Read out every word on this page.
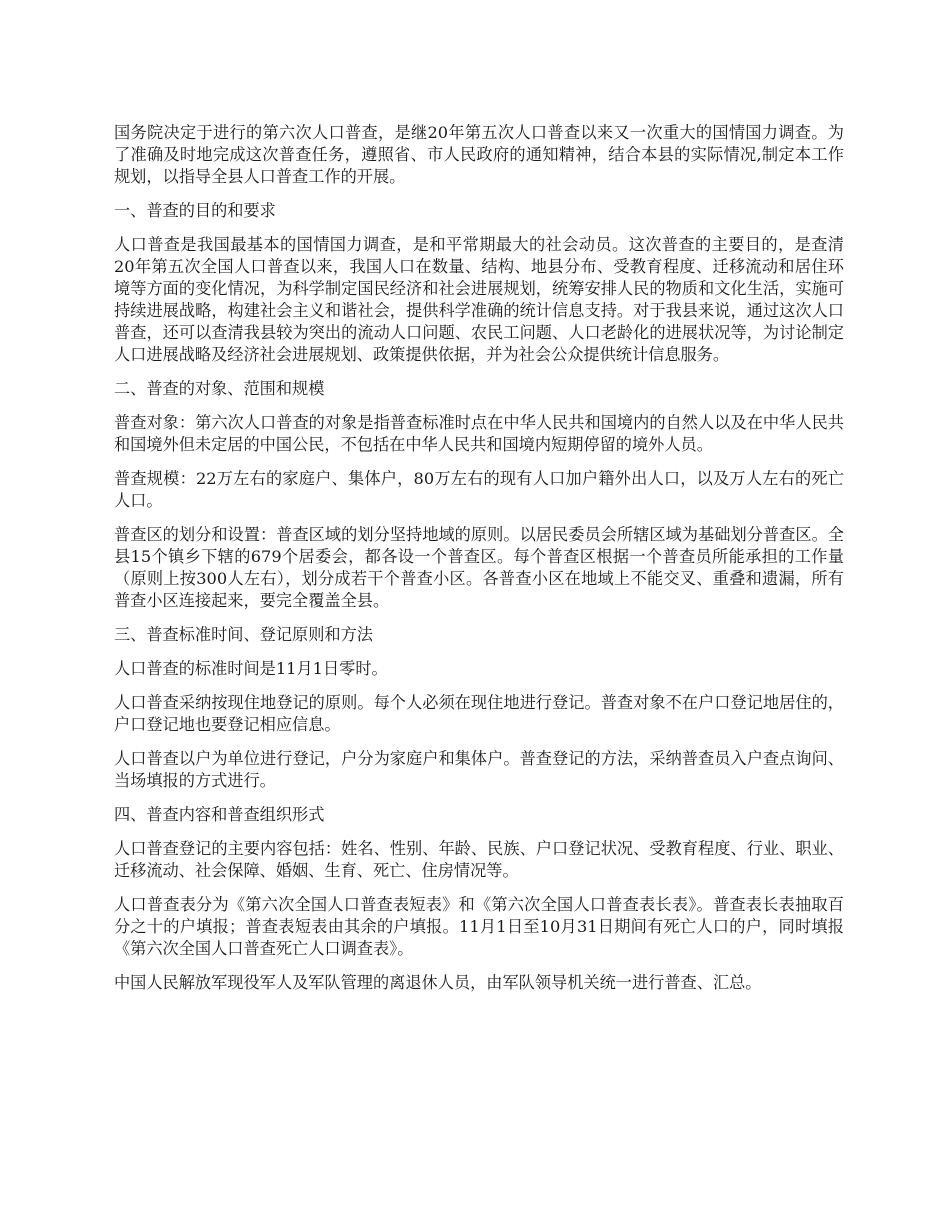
国务院决定于进行的第六次人口普查，是继20年第五次人口普查以来又一次重大的国情国力调查。为了准确及时地完成这次普查任务，遵照省、市人民政府的通知精神，结合本县的实际情况,制定本工作规划，以指导全县人口普查工作的开展。

一、普查的目的和要求

人口普查是我国最基本的国情国力调查，是和平常期最大的社会动员。这次普查的主要目的，是查清20年第五次全国人口普查以来，我国人口在数量、结构、地县分布、受教育程度、迁移流动和居住环境等方面的变化情况，为科学制定国民经济和社会进展规划，统筹安排人民的物质和文化生活，实施可持续进展战略，构建社会主义和谐社会，提供科学准确的统计信息支持。对于我县来说，通过这次人口普查，还可以查清我县较为突出的流动人口问题、农民工问题、人口老龄化的进展状况等，为讨论制定人口进展战略及经济社会进展规划、政策提供依据，并为社会公众提供统计信息服务。

二、普查的对象、范围和规模

普查对象：第六次人口普查的对象是指普查标准时点在中华人民共和国境内的自然人以及在中华人民共和国境外但未定居的中国公民，不包括在中华人民共和国境内短期停留的境外人员。

普查规模：22万左右的家庭户、集体户，80万左右的现有人口加户籍外出人口，以及万人左右的死亡人口。

普查区的划分和设置：普查区域的划分坚持地域的原则。以居民委员会所辖区域为基础划分普查区。全县15个镇乡下辖的679个居委会，都各设一个普查区。每个普查区根据一个普查员所能承担的工作量（原则上按300人左右），划分成若干个普查小区。各普查小区在地域上不能交叉、重叠和遗漏，所有普查小区连接起来，要完全覆盖全县。

三、普查标准时间、登记原则和方法

人口普查的标准时间是11月1日零时。

人口普查采纳按现住地登记的原则。每个人必须在现住地进行登记。普查对象不在户口登记地居住的，户口登记地也要登记相应信息。

人口普查以户为单位进行登记，户分为家庭户和集体户。普查登记的方法，采纳普查员入户查点询问、当场填报的方式进行。

四、普查内容和普查组织形式

人口普查登记的主要内容包括：姓名、性别、年龄、民族、户口登记状况、受教育程度、行业、职业、迁移流动、社会保障、婚姻、生育、死亡、住房情况等。

人口普查表分为《第六次全国人口普查表短表》和《第六次全国人口普查表长表》。普查表长表抽取百分之十的户填报；普查表短表由其余的户填报。11月1日至10月31日期间有死亡人口的户，同时填报《第六次全国人口普查死亡人口调查表》。

中国人民解放军现役军人及军队管理的离退休人员，由军队领导机关统一进行普查、汇总。
